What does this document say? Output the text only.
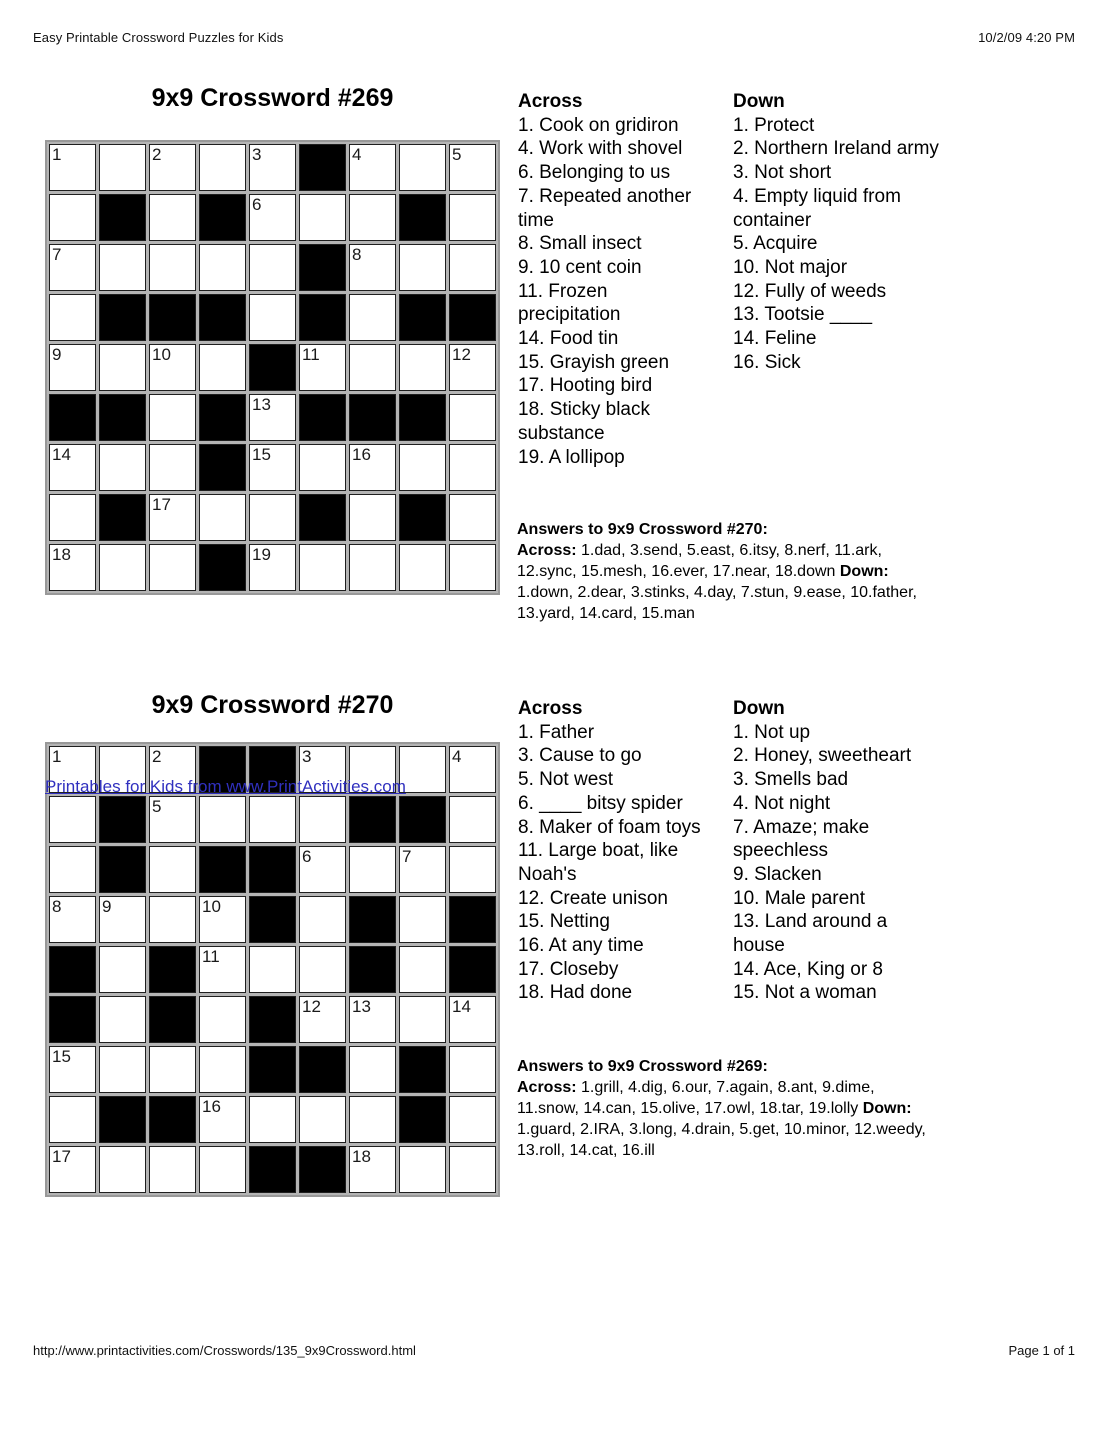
Easy Printable Crossword Puzzles for Kids	10/2/09 4:20 PM
9x9 Crossword #269
1	2	3	4	5
6
7	8
9	10	11	12
13
14	15	16
17
18	19
Across
1. Cook on gridiron
4. Work with shovel
6. Belonging to us
7. Repeated another
time
8. Small insect
9. 10 cent coin
11. Frozen
precipitation
14. Food tin
15. Grayish green
17. Hooting bird
18. Sticky black
substance
19. A lollipop
Down
1. Protect
2. Northern Ireland army
3. Not short
4. Empty liquid from
container
5. Acquire
10. Not major
12. Fully of weeds
13. Tootsie ____
14. Feline
16. Sick
Answers to 9x9 Crossword #270:
Across: 1.dad, 3.send, 5.east, 6.itsy, 8.nerf, 11.ark,
12.sync, 15.mesh, 16.ever, 17.near, 18.down Down:
1.down, 2.dear, 3.stinks, 4.day, 7.stun, 9.ease, 10.father,
13.yard, 14.card, 15.man
9x9 Crossword #270
1	2	3	4
5
6	7
8 9	10
11
12 13	14
15
16
17	18
Printables for Kids from www.PrintActivities.com
Across
1. Father
3. Cause to go
5. Not west
6. ____ bitsy spider
8. Maker of foam toys
11. Large boat, like
Noah's
12. Create unison
15. Netting
16. At any time
17. Closeby
18. Had done
Down
1. Not up
2. Honey, sweetheart
3. Smells bad
4. Not night
7. Amaze; make
speechless
9. Slacken
10. Male parent
13. Land around a
house
14. Ace, King or 8
15. Not a woman
Answers to 9x9 Crossword #269:
Across: 1.grill, 4.dig, 6.our, 7.again, 8.ant, 9.dime,
11.snow, 14.can, 15.olive, 17.owl, 18.tar, 19.lolly Down:
1.guard, 2.IRA, 3.long, 4.drain, 5.get, 10.minor, 12.weedy,
13.roll, 14.cat, 16.ill
http://www.printactivities.com/Crosswords/135_9x9Crossword.html	Page 1 of 1
